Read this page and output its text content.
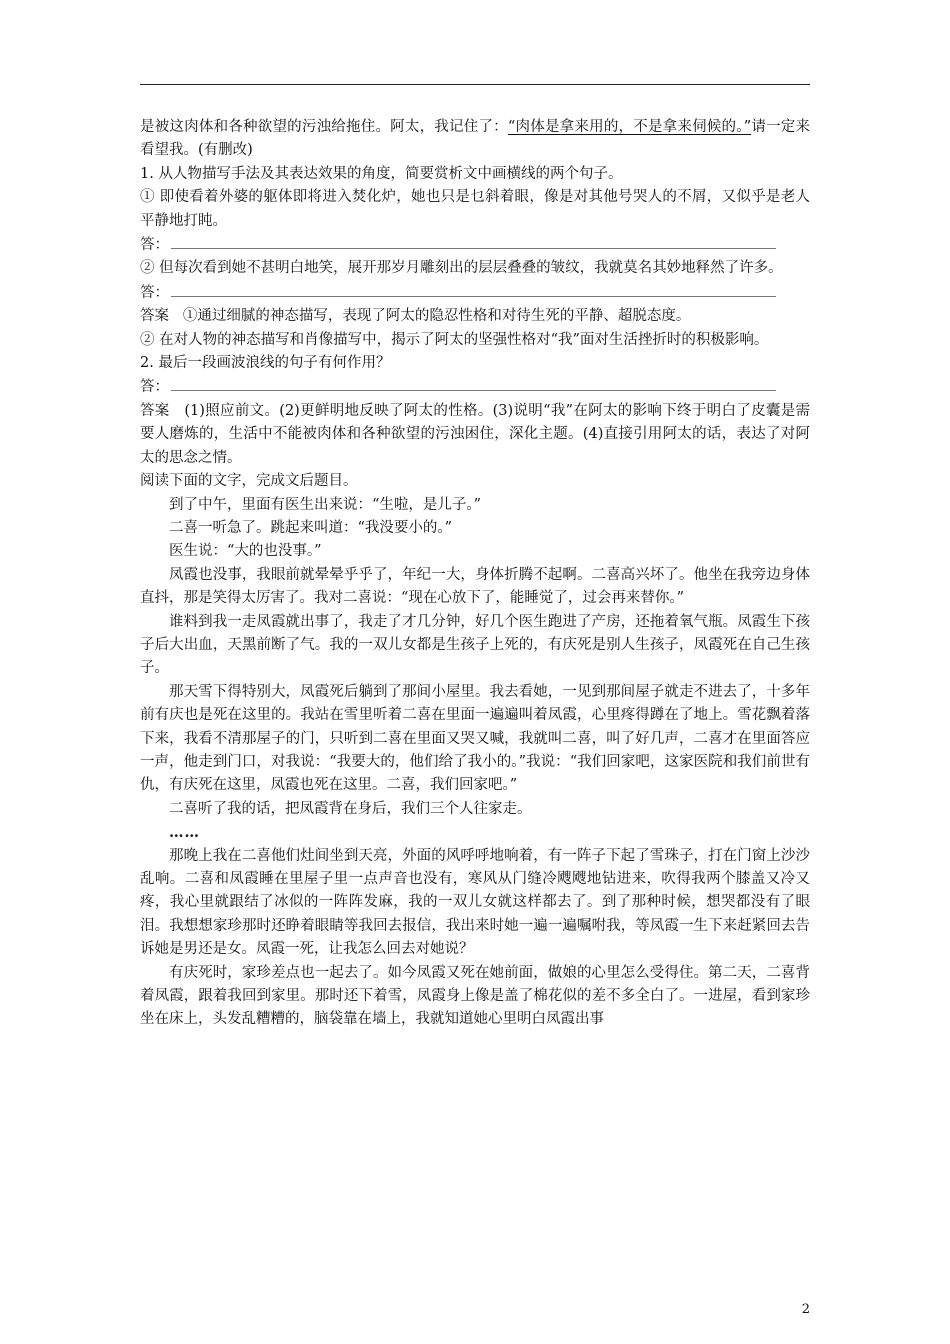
是被这肉体和各种欲望的污浊给拖住。阿太，我记住了：“肉体是拿来用的，不是拿来伺候的。”请一定来看望我。(有删改)

1. 从人物描写手法及其表达效果的角度，简要赏析文中画横线的两个句子。

① 即使看着外婆的躯体即将进入焚化炉，她也只是乜斜着眼，像是对其他号哭人的不屑，又似乎是老人平静地打盹。

答：

② 但每次看到她不甚明白地笑，展开那岁月雕刻出的层层叠叠的皱纹，我就莫名其妙地释然了许多。

答：

答案 ①通过细腻的神态描写，表现了阿太的隐忍性格和对待生死的平静、超脱态度。

② 在对人物的神态描写和肖像描写中，揭示了阿太的坚强性格对“我”面对生活挫折时的积极影响。

2. 最后一段画波浪线的句子有何作用？

答：

答案 (1)照应前文。(2)更鲜明地反映了阿太的性格。(3)说明“我”在阿太的影响下终于明白了皮囊是需要人磨炼的，生活中不能被肉体和各种欲望的污浊困住，深化主题。(4)直接引用阿太的话，表达了对阿太的思念之情。

阅读下面的文字，完成文后题目。

到了中午，里面有医生出来说：“生啦，是儿子。”

二喜一听急了。跳起来叫道：“我没要小的。”

医生说：“大的也没事。”

凤霞也没事，我眼前就晕晕乎乎了，年纪一大，身体折腾不起啊。二喜高兴坏了。他坐在我旁边身体直抖，那是笑得太厉害了。我对二喜说：“现在心放下了，能睡觉了，过会再来替你。”

谁料到我一走凤霞就出事了，我走了才几分钟，好几个医生跑进了产房，还拖着氧气瓶。凤霞生下孩子后大出血，天黑前断了气。我的一双儿女都是生孩子上死的，有庆死是别人生孩子，凤霞死在自己生孩子。

那天雪下得特别大，凤霞死后躺到了那间小屋里。我去看她，一见到那间屋子就走不进去了，十多年前有庆也是死在这里的。我站在雪里听着二喜在里面一遍遍叫着凤霞，心里疼得蹲在了地上。雪花飘着落下来，我看不清那屋子的门，只听到二喜在里面又哭又喊，我就叫二喜，叫了好几声，二喜才在里面答应一声，他走到门口，对我说：“我要大的，他们给了我小的。”我说：“我们回家吧，这家医院和我们前世有仇，有庆死在这里，凤霞也死在这里。二喜，我们回家吧。”

二喜听了我的话，把凤霞背在身后，我们三个人往家走。

……

那晚上我在二喜他们灶间坐到天亮，外面的风呼呼地响着，有一阵子下起了雪珠子，打在门窗上沙沙乱响。二喜和凤霞睡在里屋子里一点声音也没有，寒风从门缝冷飕飕地钻进来，吹得我两个膝盖又冷又疼，我心里就跟结了冰似的一阵阵发麻，我的一双儿女就这样都去了。到了那种时候，想哭都没有了眼泪。我想想家珍那时还睁着眼睛等我回去报信，我出来时她一遍一遍嘱咐我，等凤霞一生下来赶紧回去告诉她是男还是女。凤霞一死，让我怎么回去对她说？

有庆死时，家珍差点也一起去了。如今凤霞又死在她前面，做娘的心里怎么受得住。第二天，二喜背着凤霞，跟着我回到家里。那时还下着雪，凤霞身上像是盖了棉花似的差不多全白了。一进屋，看到家珍坐在床上，头发乱糟糟的，脑袋靠在墙上，我就知道她心里明白凤霞出事

2
